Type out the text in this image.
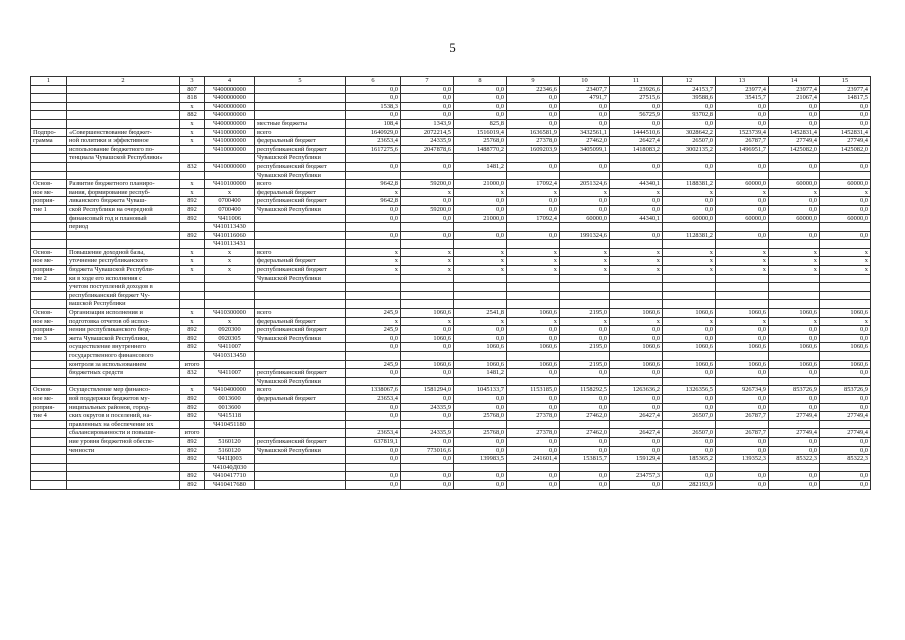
5
1	2	3	4	5	6	7	8	9	10	11	12	13	14	15
		807	Ч400000000		0,0	0,0	0,0	22346,6	23407,7	23926,6	24153,7	23977,4	23977,4	23977,4
		818	Ч400000000		0,0	0,0	0,0	0,0	4791,7	27515,6	39588,6	35415,7	21067,4	14817,5
		x	Ч400000000		1538,3	0,0	0,0	0,0	0,0	0,0	0,0	0,0	0,0	0,0
		882	Ч400000000		0,0	0,0	0,0	0,0	0,0	56725,9	93702,8	0,0	0,0	0,0
		x	Ч400000000	местные бюджеты	108,4	1343,9	825,8	0,0	0,0	0,0	0,0	0,0	0,0	0,0
Подпро-	«Совершенствование бюджет-	x	Ч410000000	всего	1640929,0	2072214,5	1516019,4	1636581,9	3432561,1	1444510,6	3028642,2	1523739,4	1452831,4	1452831,4
грамма	ной политики и эффективное	x	Ч410000000	федеральный бюджет	23653,4	24335,9	25768,0	27378,0	27462,0	26427,4	26507,0	26787,7	27749,4	27749,4
	использование бюджетного по-		Ч410000000	республиканский бюджет	1617275,6	2047878,6	1488770,2	1609203,9	3405099,1	1418083,2	3002135,2	1496951,7	1425082,0	1425082,0
	тенциала Чувашской Республики»			Чувашской Республики										
		832	Ч410000000	республиканский бюджет	0,0	0,0	1481,2	0,0	0,0	0,0	0,0	0,0	0,0	0,0
				Чувашской Республики										
Основ-	Развитие бюджетного планиро-	x	Ч410100000	всего	9642,8	59200,0	21000,0	17092,4	2051324,6	44340,1	1188381,2	60000,0	60000,0	60000,0
ное ме-	вания, формирование респуб-	x	x	федеральный бюджет	x	x	x	x	x	x	x	x	x	x
роприя-	ликанского бюджета Чуваш-	892	0700400	республиканский бюджет	9642,8	0,0	0,0	0,0	0,0	0,0	0,0	0,0	0,0	0,0
тие 1	ской Республики на очередной	892	0700400	Чувашской Республики	0,0	59200,0	0,0	0,0	0,0	0,0	0,0	0,0	0,0	0,0
	финансовый год и плановый	892	Ч411006		0,0	0,0	21000,0	17092,4	60000,0	44340,1	60000,0	60000,0	60000,0	60000,0
	период		Ч410113430											
		892	Ч410116060		0,0	0,0	0,0	0,0	1991324,6	0,0	1128381,2	0,0	0,0	0,0
			Ч410113431											
Основ-	Повышение доходной базы,	x	x	всего	x	x	x	x	x	x	x	x	x	x
ное ме-	уточнение республиканского	x	x	федеральный бюджет	x	x	x	x	x	x	x	x	x	x
роприя-	бюджета Чувашской Республи-	x	x	республиканский бюджет	x	x	x	x	x	x	x	x	x	x
тие 2	ки в ходе его исполнения с			Чувашской Республики										
	учетом поступлений доходов в													
	республиканский бюджет Чу-													
	вашской Республики													
Основ-	Организация исполнения и	x	Ч410300000	всего	245,9	1060,6	2541,8	1060,6	2195,0	1060,6	1060,6	1060,6	1060,6	1060,6
ное ме-	подготовка отчетов об испол-	x	x	федеральный бюджет	x	x	x	x	x	x	x	x	x	x
роприя-	нении республиканского бюд-	892	0920300	республиканский бюджет	245,9	0,0	0,0	0,0	0,0	0,0	0,0	0,0	0,0	0,0
тие 3	жета Чувашской Республики,	892	0920305	Чувашской Республики	0,0	1060,6	0,0	0,0	0,0	0,0	0,0	0,0	0,0	0,0
	осуществление внутреннего	892	Ч411007		0,0	0,0	1060,6	1060,6	2195,0	1060,6	1060,6	1060,6	1060,6	1060,6
	государственного финансового		Ч410313450											
	контроля за использованием	итого			245,9	1060,6	1060,6	1060,6	2195,0	1060,6	1060,6	1060,6	1060,6	1060,6
	бюджетных средств	832	Ч411007	республиканский бюджет	0,0	0,0	1481,2	0,0	0,0	0,0	0,0	0,0	0,0	0,0
				Чувашской Республики										
Основ-	Осуществление мер финансо-	x	Ч410400000	всего	1338067,6	1581294,0	1045133,7	1153185,0	1158292,5	1263636,2	1326356,5	926734,9	853726,9	853726,9
ное ме-	вой поддержки бюджетов му-	892	0013600	федеральный бюджет	23653,4	0,0	0,0	0,0	0,0	0,0	0,0	0,0	0,0	0,0
роприя-	ниципальных районов, город-	892	0013600		0,0	24335,9	0,0	0,0	0,0	0,0	0,0	0,0	0,0	0,0
тие 4	ских округов и поселений, на-	892	Ч415118		0,0	0,0	25768,0	27378,0	27462,0	26427,4	26507,0	26787,7	27749,4	27749,4
	правленных на обеспечение их		Ч410451180											
	сбалансированности и повыше-	итого			23653,4	24335,9	25768,0	27378,0	27462,0	26427,4	26507,0	26787,7	27749,4	27749,4
	ние уровня бюджетной обеспе-	892	5160120	республиканский бюджет	637819,1	0,0	0,0	0,0	0,0	0,0	0,0	0,0	0,0	0,0
	ченности	892	5160120	Чувашской Республики	0,0	773016,6	0,0	0,0	0,0	0,0	0,0	0,0	0,0	0,0
		892	Ч41Ц003		0,0	0,0	139983,5	241601,4	153815,7	159129,4	185365,2	139352,3	85322,3	85322,3
			Ч41040Д030											
		892	Ч410417710		0,0	0,0	0,0	0,0	0,0	234757,3	0,0	0,0	0,0	0,0
		892	Ч410417680		0,0	0,0	0,0	0,0	0,0	0,0	282193,9	0,0	0,0	0,0
